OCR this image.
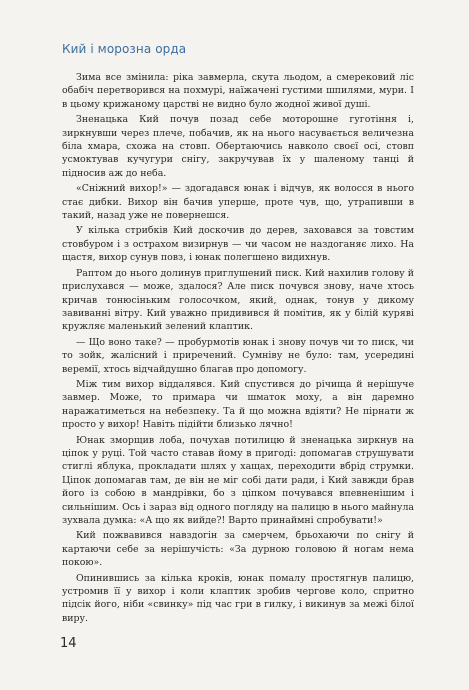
Кий і морозна орда

Зима все змінила: ріка завмерла, скута льодом, а смерековий ліс обабіч перетворився на похмурі, наїжачені густими шпилями, мури. І в цьому крижаному царстві не видно було жодної живої душі.

Зненацька Кий почув позад себе моторошне гуготіння і, зиркнувши через плече, побачив, як на нього насувається величезна біла хмара, схожа на стовп. Обертаючись навколо своєї осі, стовп усмоктував кучугури снігу, закручував їх у шаленому танці й підносив аж до неба.

«Сніжний вихор!» — здогадався юнак і відчув, як волосся в нього стає дибки. Вихор він бачив уперше, проте чув, що, утрапивши в такий, назад уже не повернешся.

У кілька стрибків Кий доскочив до дерев, заховався за товстим стовбуром і з острахом визирнув — чи часом не наздоганяє лихо. На щастя, вихор сунув повз, і юнак полегшено видихнув.

Раптом до нього долинув приглушений писк. Кий нахилив голову й прислухався — може, здалося? Але писк почувся знову, наче хтось кричав тонюсіньким голосочком, який, однак, тонув у дикому завиванні вітру. Кий уважно придивився й помітив, як у білій куряві кружляє маленький зелений клаптик.

— Що воно таке? — пробурмотів юнак і знову почув чи то писк, чи то зойк, жалісний і приречений. Сумніву не було: там, усередині веремії, хтось відчайдушно благав про допомогу.

Між тим вихор віддалявся. Кий спустився до річища й нерішуче завмер. Може, то примара чи шматок моху, а він даремно наражатиметься на небезпеку. Та й що можна вдіяти? Не пірнати ж просто у вихор! Навіть підійти близько лячно!

Юнак зморщив лоба, почухав потилицю й зненацька зиркнув на ціпок у руці. Той часто ставав йому в пригоді: допомагав струшувати стиглі яблука, прокладати шлях у хащах, переходити вбрід струмки. Ціпок допомагав там, де він не міг собі дати ради, і Кий завжди брав його із собою в мандрівки, бо з ціпком почувався впевненішим і сильнішим. Ось і зараз від одного погляду на палицю в нього майнула зухвала думка: «А що як вийде?! Варто принаймні спробувати!»

Кий пожвавився навздогін за смерчем, брьохаючи по снігу й картаючи себе за нерішучість: «За дурною головою й ногам нема покою».

Опинившись за кілька кроків, юнак помалу простягнув палицю, устромив її у вихор і коли клаптик зробив чергове коло, спритно підсік його, ніби «свинку» під час гри в гилку, і викинув за межі білої виру.

14
